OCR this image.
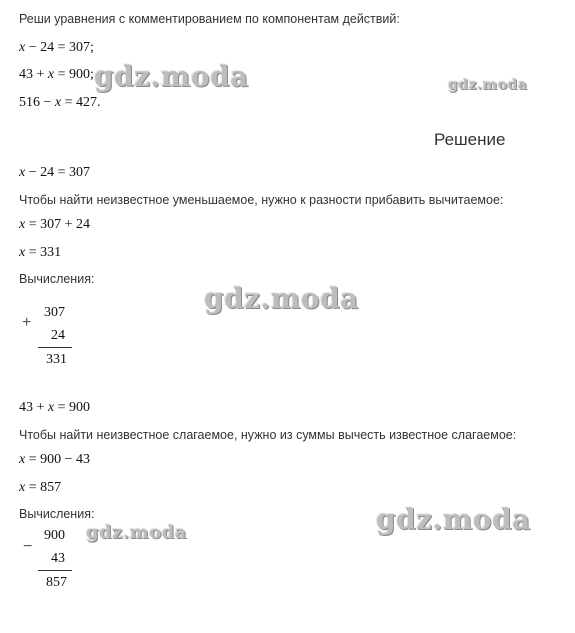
Реши уравнения с комментированием по компонентам действий:
x − 24 = 307;
43 + x = 900;
516 − x = 427.
Решение
x − 24 = 307
Чтобы найти неизвестное уменьшаемое, нужно к разности прибавить вычитаемое:
x = 307 + 24
x = 331
Вычисления:
+
307
24
331
43 + x = 900
Чтобы найти неизвестное слагаемое, нужно из суммы вычесть известное слагаемое:
x = 900 − 43
x = 857
Вычисления:
−
900
43
857
gdz.moda	gdz.moda
gdz.moda
gdz.moda
gdz.moda
